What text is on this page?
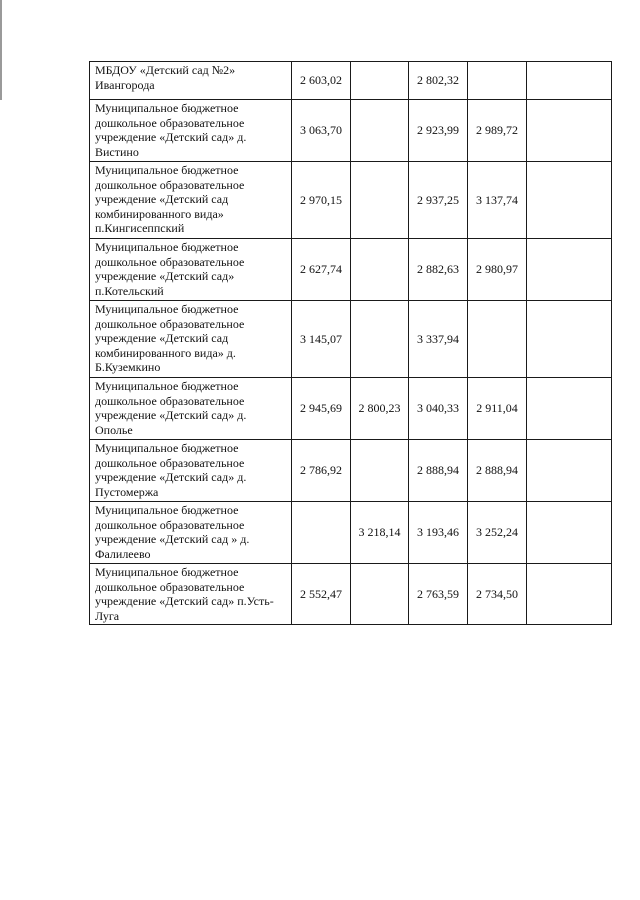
МБДОУ «Детский сад №2» Ивангорода	2 603,02		2 802,32		
Муниципальное бюджетное дошкольное образовательное учреждение «Детский сад» д. Вистино	3 063,70		2 923,99	2 989,72	
Муниципальное бюджетное дошкольное образовательное учреждение «Детский сад комбинированного вида» п.Кингисеппский	2 970,15		2 937,25	3 137,74	
Муниципальное бюджетное дошкольное образовательное учреждение «Детский сад» п.Котельский	2 627,74		2 882,63	2 980,97	
Муниципальное бюджетное дошкольное образовательное учреждение «Детский сад комбинированного вида» д. Б.Куземкино	3 145,07		3 337,94		
Муниципальное бюджетное дошкольное образовательное учреждение «Детский сад» д. Ополье	2 945,69	2 800,23	3 040,33	2 911,04	
Муниципальное бюджетное дошкольное образовательное учреждение «Детский сад» д. Пустомержа	2 786,92		2 888,94	2 888,94	
Муниципальное бюджетное дошкольное образовательное учреждение «Детский сад » д. Фалилеево		3 218,14	3 193,46	3 252,24	
Муниципальное бюджетное дошкольное образовательное учреждение «Детский сад» п.Усть-Луга	2 552,47		2 763,59	2 734,50	
